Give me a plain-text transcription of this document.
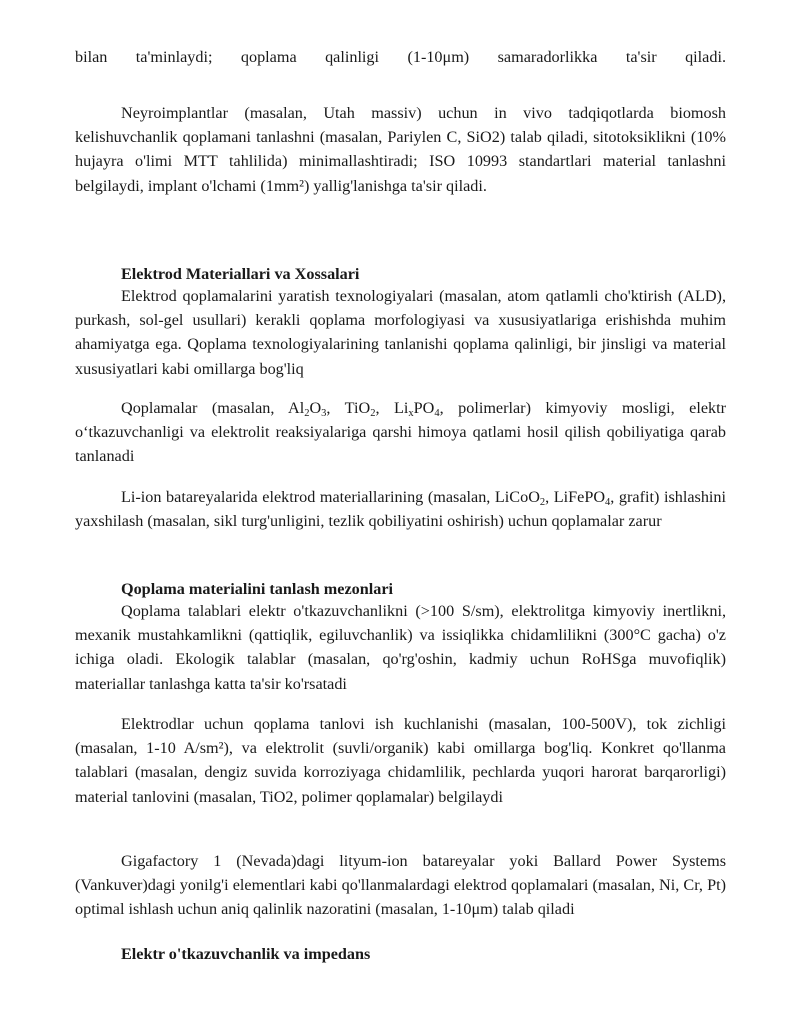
bilan ta'minlaydi; qoplama qalinligi (1-10μm) samaradorlikka ta'sir qiladi.

Neyroimplantlar (masalan, Utah massiv) uchun in vivo tadqiqotlarda biomosh kelishuvchanlik qoplamani tanlashni (masalan, Pariylen C, SiO2) talab qiladi, sitotoksiklikni (10% hujayra o'limi MTT tahlilida) minimallashtiradi; ISO 10993 standartlari material tanlashni belgilaydi, implant o'lchami (1mm²) yallig'lanishga ta'sir qiladi.

Elektrod Materiallari va Xossalari

Elektrod qoplamalarini yaratish texnologiyalari (masalan, atom qatlamli cho'ktirish (ALD), purkash, sol-gel usullari) kerakli qoplama morfologiyasi va xususiyatlariga erishishda muhim ahamiyatga ega. Qoplama texnologiyalarining tanlanishi qoplama qalinligi, bir jinsligi va material xususiyatlari kabi omillarga bog'liq

Qoplamalar (masalan, $Al_2O_3$, TiO$_2$, $Li_xPO_4$, polimerlar) kimyoviy mosligi, elektr o‘tkazuvchanligi va elektrolit reaksiyalariga qarshi himoya qatlami hosil qilish qobiliyatiga qarab tanlanadi

Li-ion batareyalarida elektrod materiallarining (masalan, LiCoO$_2$, LiFePO$_4$, grafit) ishlashini yaxshilash (masalan, sikl turg'unligini, tezlik qobiliyatini oshirish) uchun qoplamalar zarur

Qoplama materialini tanlash mezonlari

Qoplama talablari elektr o'tkazuvchanlikni (>100 S/sm), elektrolitga kimyoviy inertlikni, mexanik mustahkamlikni (qattiqlik, egiluvchanlik) va issiqlikka chidamlilikni (300°C gacha) o'z ichiga oladi. Ekologik talablar (masalan, qo'rg'oshin, kadmiy uchun RoHSga muvofiqlik) materiallar tanlashga katta ta'sir ko'rsatadi

Elektrodlar uchun qoplama tanlovi ish kuchlanishi (masalan, 100-500V), tok zichligi (masalan, 1-10 A/sm²), va elektrolit (suvli/organik) kabi omillarga bog'liq. Konkret qo'llanma talablari (masalan, dengiz suvida korroziyaga chidamlilik, pechlarda yuqori harorat barqarorligi) material tanlovini (masalan, TiO2, polimer qoplamalar) belgilaydi

Gigafactory 1 (Nevada)dagi lityum-ion batareyalar yoki Ballard Power Systems (Vankuver)dagi yonilg'i elementlari kabi qo'llanmalardagi elektrod qoplamalari (masalan, Ni, Cr, Pt) optimal ishlash uchun aniq qalinlik nazoratini (masalan, 1-10μm) talab qiladi

Elektr o'tkazuvchanlik va impedans
